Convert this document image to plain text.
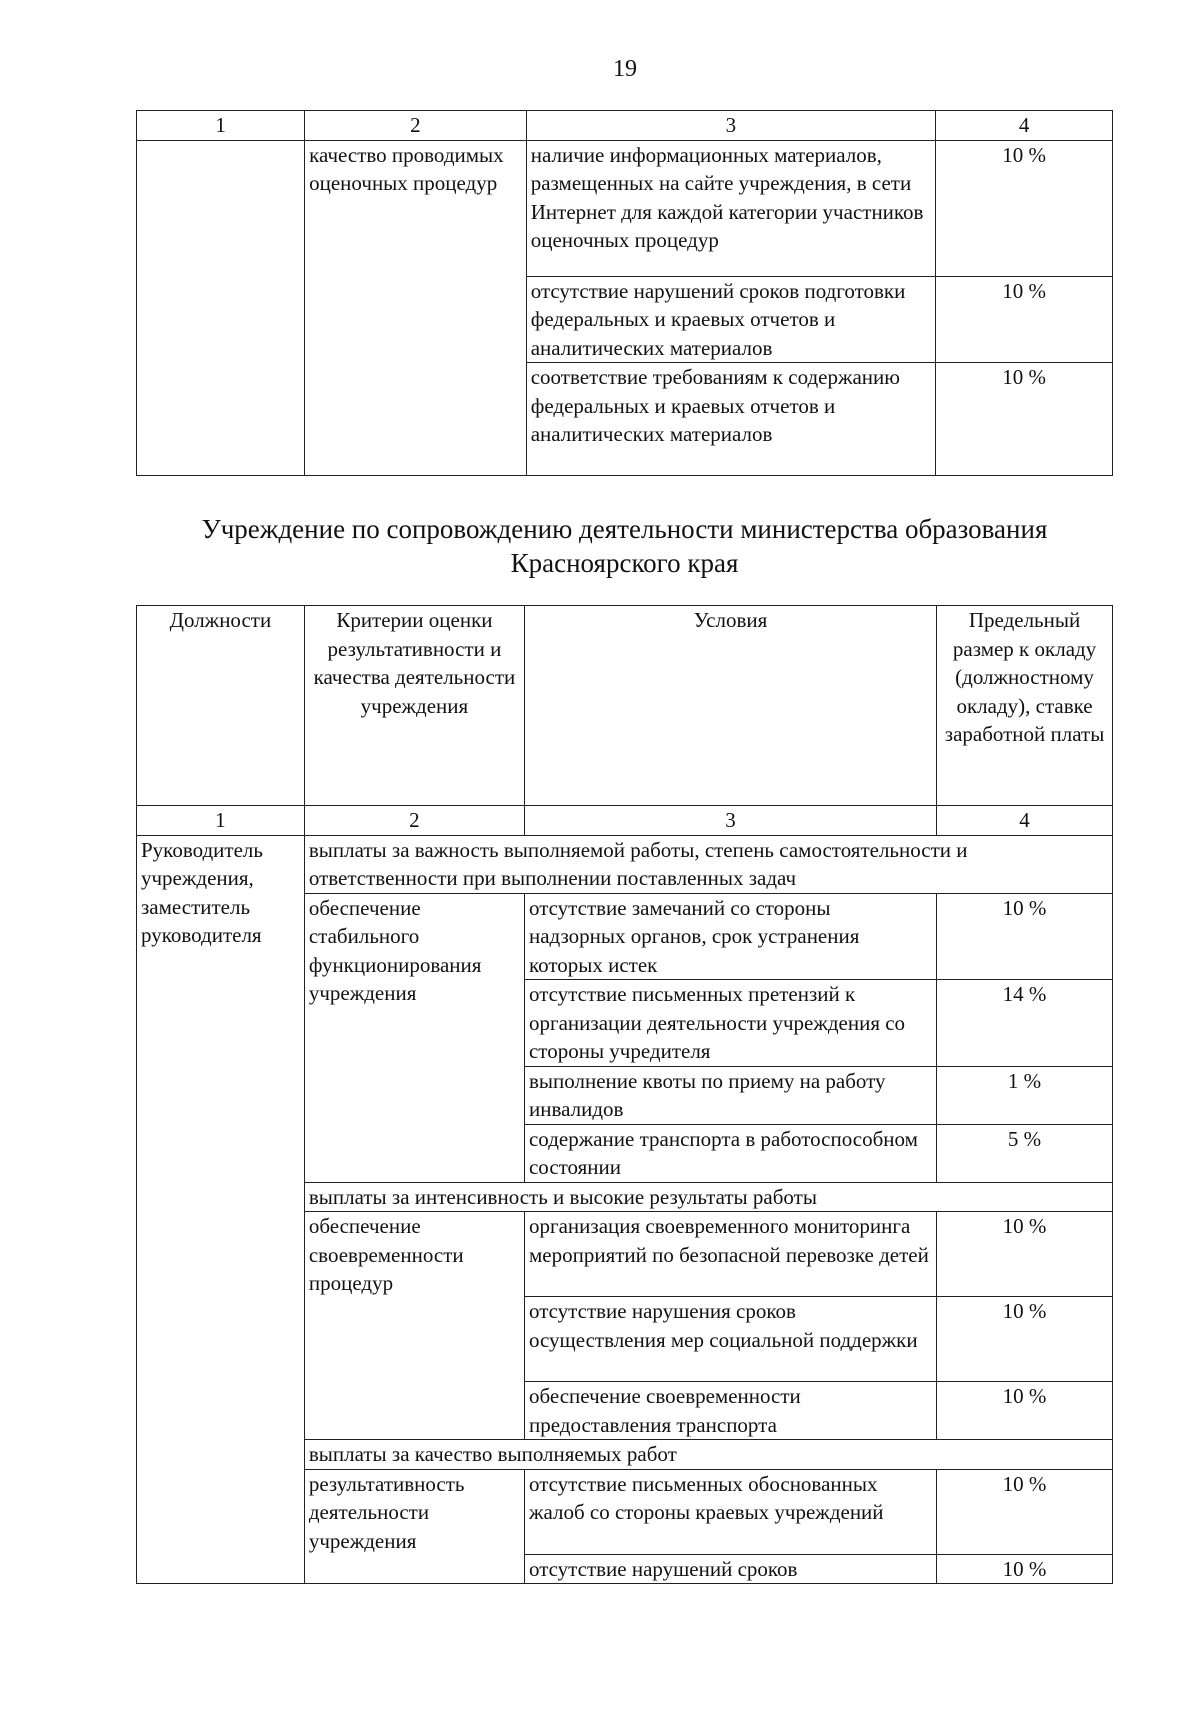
19
1	2	3	4
	качество проводимых оценочных процедур	наличие информационных материалов, размещенных на сайте учреждения, в сети Интернет для каждой категории участников оценочных процедур	10 %
		отсутствие нарушений сроков подготовки федеральных и краевых отчетов и аналитических материалов	10 %
		соответствие требованиям к содержанию федеральных и краевых отчетов и аналитических материалов	10 %
Учреждение по сопровождению деятельности министерства образования Красноярского края
Должности	Критерии оценки результативности и качества деятельности учреждения	Условия	Предельный размер к окладу (должностному окладу), ставке заработной платы
1	2	3	4
Руководитель учреждения, заместитель руководителя	выплаты за важность выполняемой работы, степень самостоятельности и ответственности при выполнении поставленных задач		
	обеспечение стабильного функционирования учреждения	отсутствие замечаний со стороны надзорных органов, срок устранения которых истек	10 %
		отсутствие письменных претензий к организации деятельности учреждения со стороны учредителя	14 %
		выполнение квоты по приему на работу инвалидов	1 %
		содержание транспорта в работоспособном состоянии	5 %
	выплаты за интенсивность и высокие результаты работы		
	обеспечение своевременности процедур	организация своевременного мониторинга мероприятий по безопасной перевозке детей	10 %
		отсутствие нарушения сроков осуществления мер социальной поддержки	10 %
		обеспечение своевременности предоставления транспорта	10 %
	выплаты за качество выполняемых работ		
	результативность деятельности учреждения	отсутствие письменных обоснованных жалоб со стороны краевых учреждений	10 %
		отсутствие нарушений сроков	10 %
